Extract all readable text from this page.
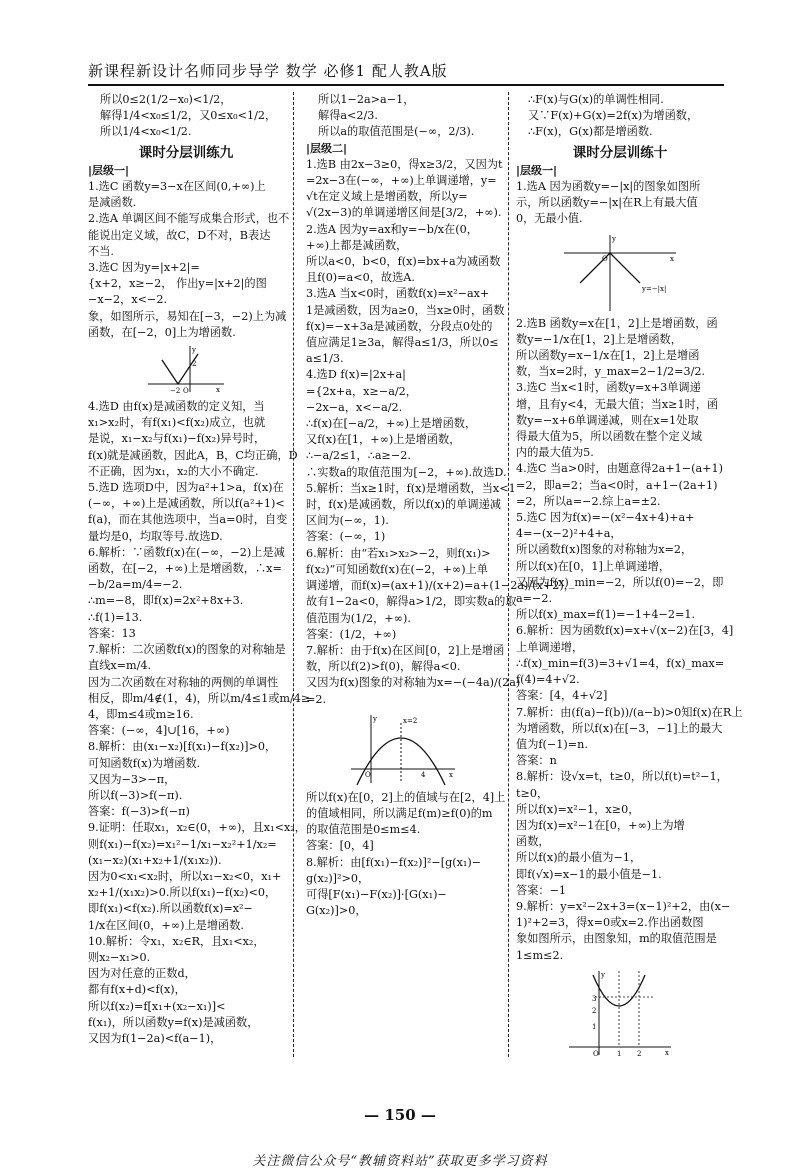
新课程新设计名师同步导学 数学 必修1 配人教A版

所以0≤2(1/2−x₀)<1/2，

解得1/4<x₀≤1/2，又0≤x₀<1/2，

所以1/4<x₀<1/2.

课时分层训练九
|层级一|

1.选C 函数y=3−x在区间(0,+∞)上

是减函数.

2.选A 单调区间不能写成集合形式，也不

能说出定义域，故C，D不对，B表达

不当.

3.选C 因为y=|x+2|=

{x+2，x≥−2， 作出y=|x+2|的图

−x−2，x<−2.

象，如图所示，易知在[−3，−2)上为减

函数，在[−2，0]上为增函数.

x
y
2
−2 O

4.选D 由f(x)是减函数的定义知，当

x₁>x₂时，有f(x₁)<f(x₂)成立，也就

是说，x₁−x₂与f(x₁)−f(x₂)异号时，

f(x)就是减函数，因此A，B，C均正确，D

不正确，因为x₁，x₂的大小不确定.

5.选D 选项D中，因为a²+1>a，f(x)在

(−∞，+∞)上是减函数，所以f(a²+1)<

f(a)，而在其他选项中，当a=0时，自变

量均是0，均取等号.故选D.

6.解析：∵函数f(x)在(−∞，−2)上是减

函数，在[−2，+∞)上是增函数，∴x=

−b/2a=m/4=−2.

∴m=−8，即f(x)=2x²+8x+3.

∴f(1)=13.

答案：13

7.解析：二次函数f(x)的图象的对称轴是

直线x=m/4.

因为二次函数在对称轴的两侧的单调性

相反，即m/4∉(1，4)，所以m/4≤1或m/4≥

4，即m≤4或m≥16.

答案：(−∞，4]∪[16，+∞)

8.解析：由(x₁−x₂)[f(x₁)−f(x₂)]>0，

可知函数f(x)为增函数.

又因为−3>−π，

所以f(−3)>f(−π).

答案：f(−3)>f(−π)

9.证明：任取x₁，x₂∈(0，+∞)，且x₁<x₂，

则f(x₁)−f(x₂)=x₁²−1/x₁−x₂²+1/x₂=

(x₁−x₂)(x₁+x₂+1/(x₁x₂)).

因为0<x₁<x₂时，所以x₁−x₂<0，x₁+

x₂+1/(x₁x₂)>0.所以f(x₁)−f(x₂)<0，

即f(x₁)<f(x₂).所以函数f(x)=x²−

1/x在区间(0，+∞)上是增函数.

10.解析：令x₁，x₂∈R，且x₁<x₂，

则x₂−x₁>0.

因为对任意的正数d，

都有f(x+d)<f(x)，

所以f(x₂)=f[x₁+(x₂−x₁)]<

f(x₁)，所以函数y=f(x)是减函数，

又因为f(1−2a)<f(a−1)，

所以1−2a>a−1，

解得a<2/3.

所以a的取值范围是(−∞，2/3).

|层级二|

1.选B 由2x−3≥0，得x≥3/2，又因为t

=2x−3在(−∞，+∞)上单调递增，y=

√t在定义域上是增函数，所以y=

√(2x−3)的单调递增区间是[3/2，+∞).

2.选A 因为y=ax和y=−b/x在(0，

+∞)上都是减函数，

所以a<0，b<0，f(x)=bx+a为减函数

且f(0)=a<0，故选A.

3.选A 当x<0时，函数f(x)=x²−ax+

1是减函数，因为a≥0，当x≥0时，函数

f(x)=−x+3a是减函数，分段点0处的

值应满足1≥3a，解得a≤1/3，所以0≤

a≤1/3.

4.选D f(x)=|2x+a|

={2x+a，x≥−a/2，

−2x−a，x<−a/2.

∴f(x)在[−a/2，+∞)上是增函数，

又f(x)在[1，+∞)上是增函数，

∴−a/2≤1，∴a≥−2.

∴实数a的取值范围为[−2，+∞).故选D.

5.解析：当x≥1时，f(x)是增函数，当x<1

时，f(x)是减函数，所以f(x)的单调递减

区间为(−∞，1).

答案：(−∞，1)

6.解析：由“若x₁>x₂>−2，则f(x₁)>

f(x₂)”可知函数f(x)在(−2，+∞)上单

调递增，而f(x)=(ax+1)/(x+2)=a+(1−2a)/(x+2)，

故有1−2a<0，解得a>1/2，即实数a的取

值范围为(1/2，+∞).

答案：(1/2，+∞)

7.解析：由于f(x)在区间[0，2]上是增函

数，所以f(2)>f(0)，解得a<0.

又因为f(x)图象的对称轴为x=−(−4a)/(2a)

=2.

x=2
y
x
O	4

所以f(x)在[0，2]上的值域与在[2，4]上

的值域相同，所以满足f(m)≥f(0)的m

的取值范围是0≤m≤4.

答案：[0，4]

8.解析：由[f(x₁)−f(x₂)]²−[g(x₁)−

g(x₂)]²>0，

可得[F(x₁)−F(x₂)]·[G(x₁)−

G(x₂)]>0，

∴F(x)与G(x)的单调性相同.

又∵F(x)+G(x)=2f(x)为增函数，

∴F(x)，G(x)都是增函数.

课时分层训练十
|层级一|

1.选A 因为函数y=−|x|的图象如图所

示，所以函数y=−|x|在R上有最大值

0，无最小值.

x
y
O
y=−|x|

2.选B 函数y=x在[1，2]上是增函数，函

数y=−1/x在[1，2]上是增函数，

所以函数y=x−1/x在[1，2]上是增函

数，当x=2时，y_max=2−1/2=3/2.

3.选C 当x<1时，函数y=x+3单调递

增，且有y<4，无最大值；当x≥1时，函

数y=−x+6单调递减，则在x=1处取

得最大值为5，所以函数在整个定义域

内的最大值为5.

4.选C 当a>0时，由题意得2a+1−(a+1)

=2，即a=2；当a<0时，a+1−(2a+1)

=2，所以a=−2.综上a=±2.

5.选C 因为f(x)=−(x²−4x+4)+a+

4=−(x−2)²+4+a，

所以函数f(x)图象的对称轴为x=2，

所以f(x)在[0，1]上单调递增，

又因为f(x)_min=−2，所以f(0)=−2，即

a=−2.

所以f(x)_max=f(1)=−1+4−2=1.

6.解析：因为函数f(x)=x+√(x−2)在[3，4]

上单调递增，

∴f(x)_min=f(3)=3+√1=4，f(x)_max=

f(4)=4+√2.

答案：[4，4+√2]

7.解析：由(f(a)−f(b))/(a−b)>0知f(x)在R上

为增函数，所以f(x)在[−3，−1]上的最大

值为f(−1)=n.

答案：n

8.解析：设√x=t，t≥0，所以f(t)=t²−1，

t≥0，

所以f(x)=x²−1，x≥0，

因为f(x)=x²−1在[0，+∞)上为增

函数，

所以f(x)的最小值为−1，

即f(√x)=x−1的最小值是−1.

答案：−1

9.解析：y=x²−2x+3=(x−1)²+2，由(x−

1)²+2=3，得x=0或x=2.作出函数图

象如图所示，由图象知，m的取值范围是

1≤m≤2.

y
x
3
2
1
O	1 2
— 150 —
关注微信公众号“教辅资料站”获取更多学习资料
